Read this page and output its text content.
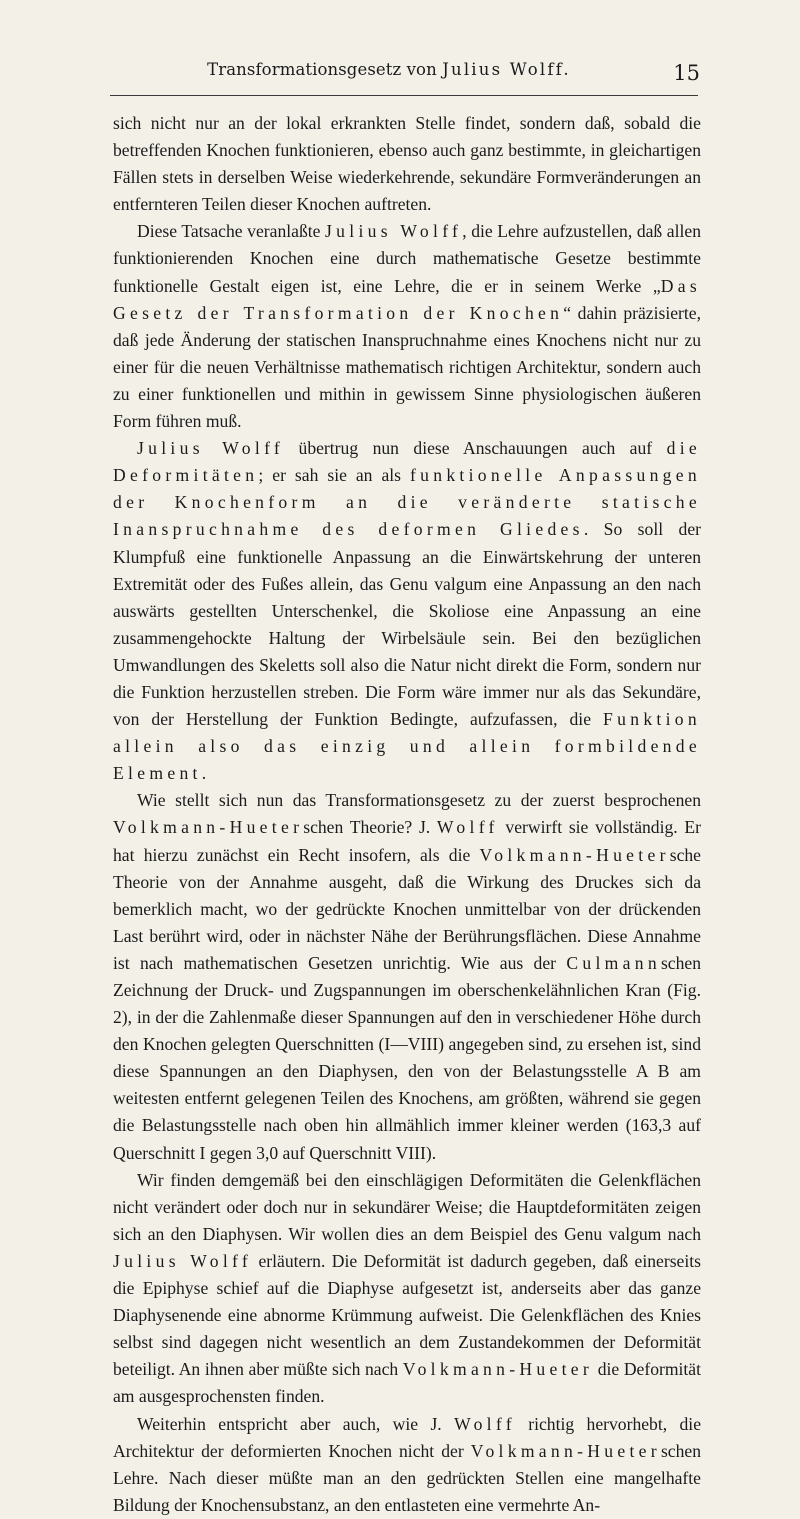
Transformationsgesetz von Julius Wolff.	15

sich nicht nur an der lokal erkrankten Stelle findet, sondern daß, sobald die betreffenden Knochen funktionieren, ebenso auch ganz bestimmte, in gleichartigen Fällen stets in derselben Weise wiederkehrende, sekundäre Formveränderungen an entfernteren Teilen dieser Knochen auftreten.

Diese Tatsache veranlaßte Julius Wolff, die Lehre aufzustellen, daß allen funktionierenden Knochen eine durch mathematische Gesetze bestimmte funktionelle Gestalt eigen ist, eine Lehre, die er in seinem Werke „Das Gesetz der Transformation der Knochen“ dahin präzisierte, daß jede Änderung der statischen Inanspruchnahme eines Knochens nicht nur zu einer für die neuen Verhältnisse mathematisch richtigen Architektur, sondern auch zu einer funktionellen und mithin in gewissem Sinne physiologischen äußeren Form führen muß.

Julius Wolff übertrug nun diese Anschauungen auch auf die Deformitäten; er sah sie an als funktionelle Anpassungen der Knochenform an die veränderte statische Inanspruchnahme des deformen Gliedes. So soll der Klumpfuß eine funktionelle Anpassung an die Einwärtskehrung der unteren Extremität oder des Fußes allein, das Genu valgum eine Anpassung an den nach auswärts gestellten Unterschenkel, die Skoliose eine Anpassung an eine zusammengehockte Haltung der Wirbelsäule sein. Bei den bezüglichen Umwandlungen des Skeletts soll also die Natur nicht direkt die Form, sondern nur die Funktion herzustellen streben. Die Form wäre immer nur als das Sekundäre, von der Herstellung der Funktion Bedingte, aufzufassen, die Funktion allein also das einzig und allein formbildende Element.

Wie stellt sich nun das Transformationsgesetz zu der zuerst besprochenen Volkmann-Hueterschen Theorie? J. Wolff verwirft sie vollständig. Er hat hierzu zunächst ein Recht insofern, als die Volkmann-Huetersche Theorie von der Annahme ausgeht, daß die Wirkung des Druckes sich da bemerklich macht, wo der gedrückte Knochen unmittelbar von der drückenden Last berührt wird, oder in nächster Nähe der Berührungsflächen. Diese Annahme ist nach mathematischen Gesetzen unrichtig. Wie aus der Culmannschen Zeichnung der Druck- und Zugspannungen im oberschenkelähnlichen Kran (Fig. 2), in der die Zahlenmaße dieser Spannungen auf den in verschiedener Höhe durch den Knochen gelegten Querschnitten (I—VIII) angegeben sind, zu ersehen ist, sind diese Spannungen an den Diaphysen, den von der Belastungsstelle A B am weitesten entfernt gelegenen Teilen des Knochens, am größten, während sie gegen die Belastungsstelle nach oben hin allmählich immer kleiner werden (163,3 auf Querschnitt I gegen 3,0 auf Querschnitt VIII).

Wir finden demgemäß bei den einschlägigen Deformitäten die Gelenkflächen nicht verändert oder doch nur in sekundärer Weise; die Hauptdeformitäten zeigen sich an den Diaphysen. Wir wollen dies an dem Beispiel des Genu valgum nach Julius Wolff erläutern. Die Deformität ist dadurch gegeben, daß einerseits die Epiphyse schief auf die Diaphyse aufgesetzt ist, anderseits aber das ganze Diaphysenende eine abnorme Krümmung aufweist. Die Gelenkflächen des Knies selbst sind dagegen nicht wesentlich an dem Zustandekommen der Deformität beteiligt. An ihnen aber müßte sich nach Volkmann-Hueter die Deformität am ausgesprochensten finden.

Weiterhin entspricht aber auch, wie J. Wolff richtig hervorhebt, die Architektur der deformierten Knochen nicht der Volkmann-Hueterschen Lehre. Nach dieser müßte man an den gedrückten Stellen eine mangelhafte Bildung der Knochensubstanz, an den entlasteten eine vermehrte An-
